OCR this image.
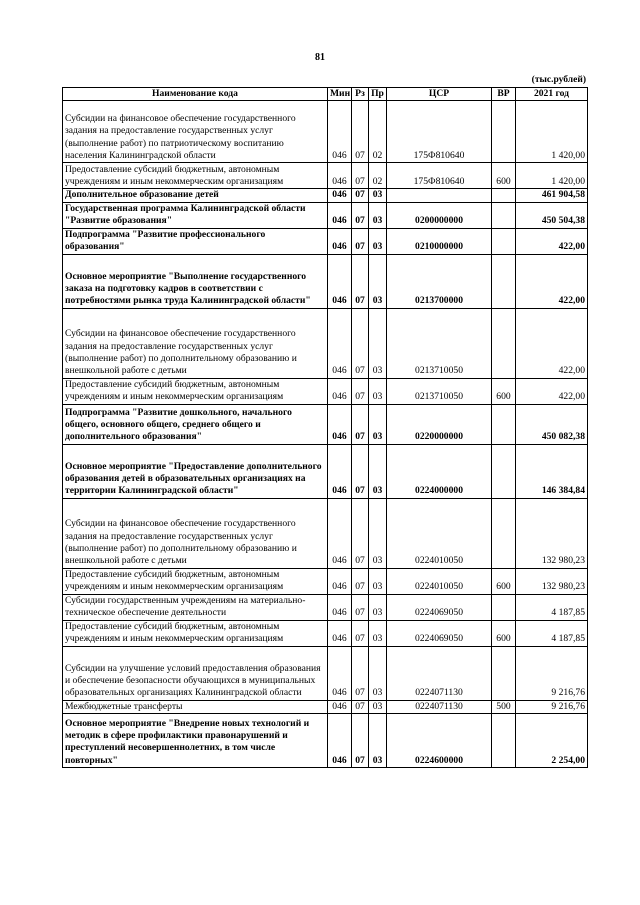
81
(тыс.рублей)
Наименование кода	Мин	Рз	Пр	ЦСР	ВР	2021 год
Субсидии на финансовое обеспечение государственного задания на предоставление государственных услуг (выполнение работ) по патриотическому воспитанию населения Калининградской области	046	07	02	175Ф810640		1 420,00
Предоставление субсидий бюджетным, автономным учреждениям и иным некоммерческим организациям	046	07	02	175Ф810640	600	1 420,00
Дополнительное образование детей	046	07	03			461 904,58
Государственная программа Калининградской области "Развитие образования"	046	07	03	0200000000		450 504,38
Подпрограмма "Развитие профессионального образования"	046	07	03	0210000000		422,00
Основное мероприятие "Выполнение государственного заказа на подготовку кадров в соответствии с потребностями рынка труда Калининградской области"	046	07	03	0213700000		422,00
Субсидии на финансовое обеспечение государственного задания на предоставление государственных услуг (выполнение работ) по дополнительному образованию и внешкольной работе с детьми	046	07	03	0213710050		422,00
Предоставление субсидий бюджетным, автономным учреждениям и иным некоммерческим организациям	046	07	03	0213710050	600	422,00
Подпрограмма "Развитие дошкольного, начального общего, основного общего, среднего общего и дополнительного образования"	046	07	03	0220000000		450 082,38
Основное мероприятие "Предоставление дополнительного образования детей в образовательных организациях на территории Калининградской области"	046	07	03	0224000000		146 384,84
Субсидии на финансовое обеспечение государственного задания на предоставление государственных услуг (выполнение работ) по дополнительному образованию и внешкольной работе с детьми	046	07	03	0224010050		132 980,23
Предоставление субсидий бюджетным, автономным учреждениям и иным некоммерческим организациям	046	07	03	0224010050	600	132 980,23
Субсидии государственным учреждениям на материально-техническое обеспечение деятельности	046	07	03	0224069050		4 187,85
Предоставление субсидий бюджетным, автономным учреждениям и иным некоммерческим организациям	046	07	03	0224069050	600	4 187,85
Субсидии на улучшение условий предоставления образования и обеспечение безопасности обучающихся в муниципальных образовательных организациях Калининградской области	046	07	03	0224071130		9 216,76
Межбюджетные трансферты	046	07	03	0224071130	500	9 216,76
Основное мероприятие "Внедрение новых технологий и методик в сфере профилактики правонарушений и преступлений несовершеннолетних, в том числе повторных"	046	07	03	0224600000		2 254,00
